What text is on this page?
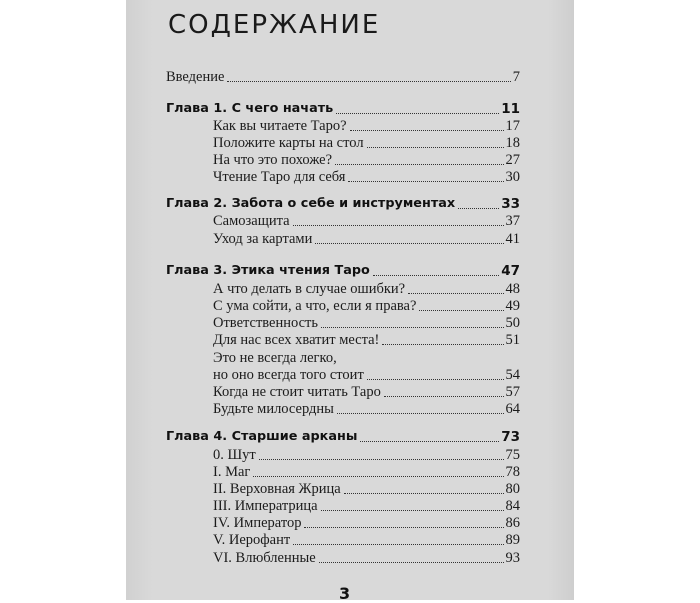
СОДЕРЖАНИЕ
Введение	7
Глава 1. С чего начать	11
Как вы читаете Таро?	17
Положите карты на стол	18
На что это похоже?	27
Чтение Таро для себя	30
Глава 2. Забота о себе и инструментах	33
Самозащита	37
Уход за картами	41
Глава 3. Этика чтения Таро	47
А что делать в случае ошибки?	48
С ума сойти, а что, если я права?	49
Ответственность	50
Для нас всех хватит места!	51
Это не всегда легко,
но оно всегда того стоит	54
Когда не стоит читать Таро	57
Будьте милосердны	64
Глава 4. Старшие арканы	73
0. Шут	75
I. Маг	78
II. Верховная Жрица	80
III. Императрица	84
IV. Император	86
V. Иерофант	89
VI. Влюбленные	93
3
